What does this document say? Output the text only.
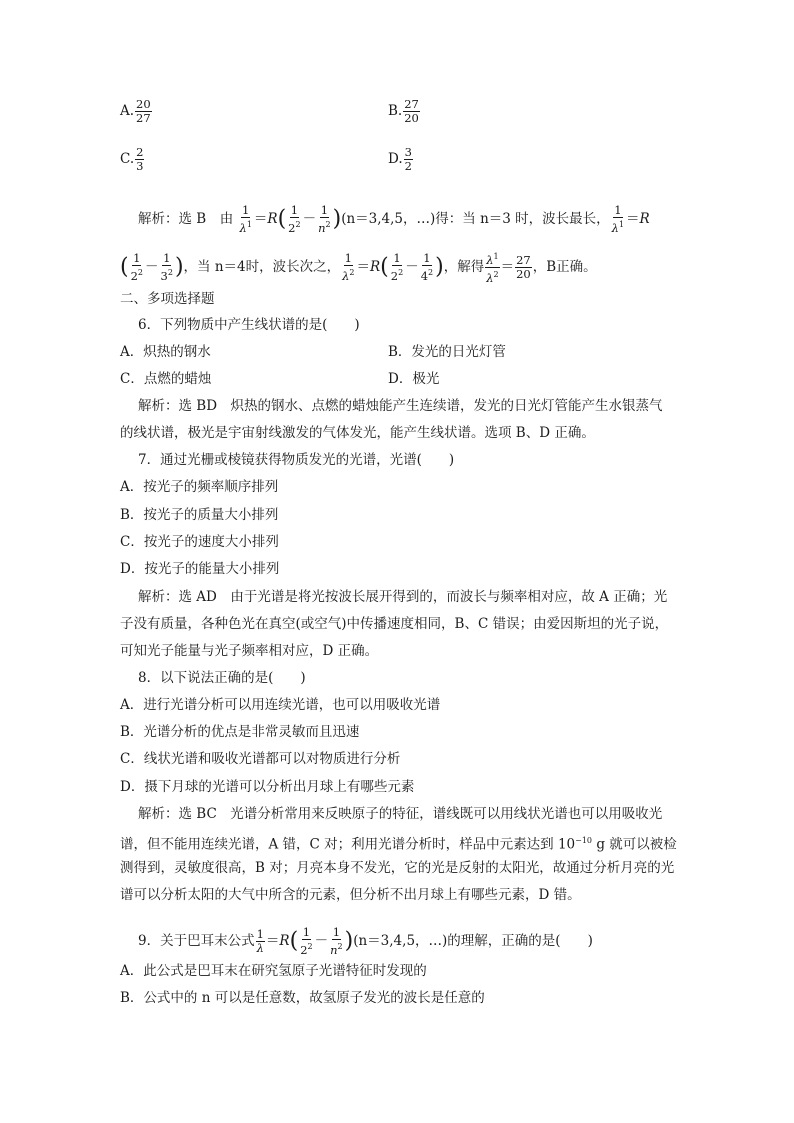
A. $\frac{20}{27}$	B. $\frac{27}{20}$
C. $\frac{2}{3}$	D. $\frac{3}{2}$
解析：选 B　由 $\frac{1}{\lambda^1} =R( \frac{1}{2^2} - \frac{1}{n^2} )(n=3,4,5$，…)得：当 n＝3 时，波长最长， $\frac{1}{\lambda^1} =R$
( $\frac{1}{2^2} - \frac{1}{3^2}$ )，当 n＝4时，波长次之， $\frac{1}{\lambda^2} =R( \frac{1}{2^2} - \frac{1}{4^2}$ )，解得 $\frac{\lambda^1}{\lambda^2} = \frac{27}{20}$ ，B正确。
二、多项选择题
6．下列物质中产生线状谱的是(　　)
A．炽热的钢水	B．发光的日光灯管
C．点燃的蜡烛	D．极光
解析：选 BD　炽热的钢水、点燃的蜡烛能产生连续谱，发光的日光灯管能产生水银蒸气
的线状谱，极光是宇宙射线激发的气体发光，能产生线状谱。选项 B、D 正确。
7．通过光栅或棱镜获得物质发光的光谱，光谱(　　)
A．按光子的频率顺序排列
B．按光子的质量大小排列
C．按光子的速度大小排列
D．按光子的能量大小排列
解析：选 AD　由于光谱是将光按波长展开得到的，而波长与频率相对应，故 A 正确；光
子没有质量，各种色光在真空(或空气)中传播速度相同，B、C 错误；由爱因斯坦的光子说，
可知光子能量与光子频率相对应，D 正确。
8．以下说法正确的是(　　)
A．进行光谱分析可以用连续光谱，也可以用吸收光谱
B．光谱分析的优点是非常灵敏而且迅速
C．线状光谱和吸收光谱都可以对物质进行分析
D．摄下月球的光谱可以分析出月球上有哪些元素
解析：选 BC　光谱分析常用来反映原子的特征，谱线既可以用线状光谱也可以用吸收光
谱，但不能用连续光谱，A 错，C 对；利用光谱分析时，样品中元素达到 $10^{-10}$ g 就可以被检
测得到，灵敏度很高，B 对；月亮本身不发光，它的光是反射的太阳光，故通过分析月亮的光
谱可以分析太阳的大气中所含的元素，但分析不出月球上有哪些元素，D 错。
9．关于巴耳末公式 $\frac{1}{\lambda} =R( \frac{1}{2^2} - \frac{1}{n^2} )(n=3,4,5$，…)的理解，正确的是(　　)
A．此公式是巴耳末在研究氢原子光谱特征时发现的
B．公式中的 n 可以是任意数，故氢原子发光的波长是任意的
